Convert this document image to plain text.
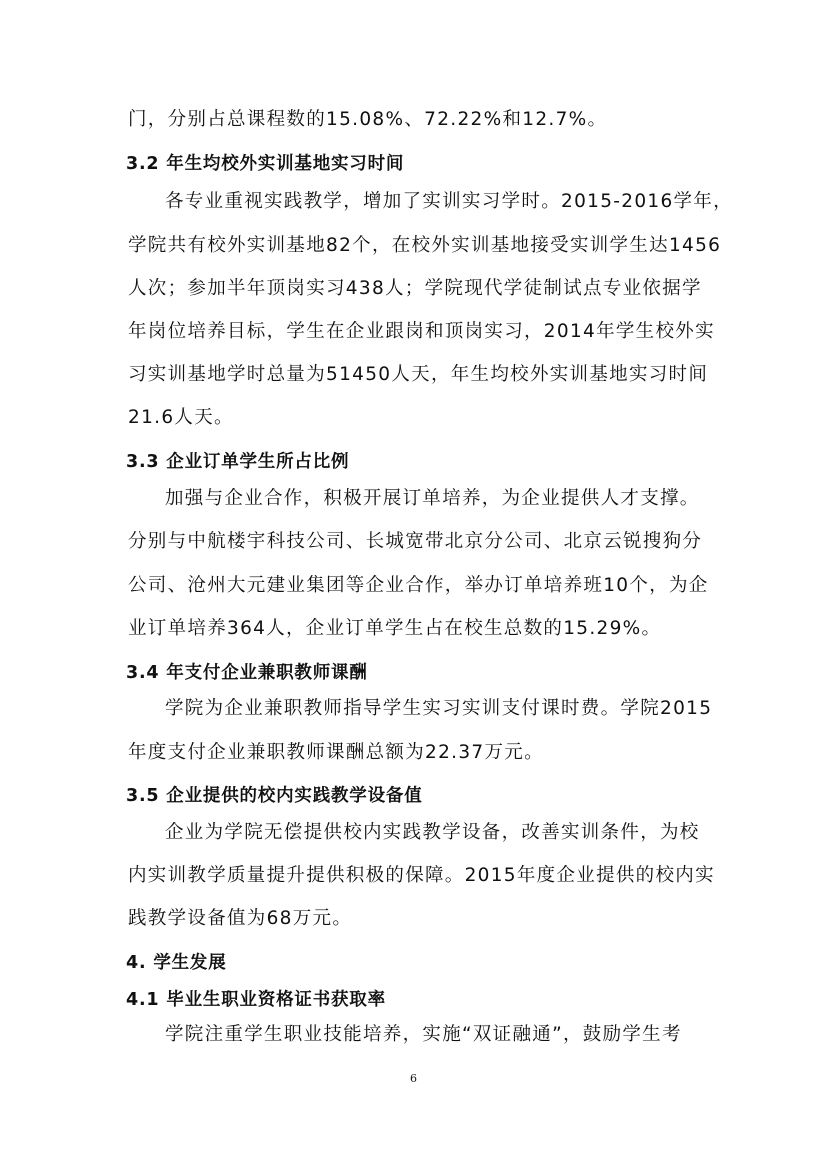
门，分别占总课程数的15.08%、72.22%和12.7%。
3.2 年生均校外实训基地实习时间
各专业重视实践教学，增加了实训实习学时。2015-2016学年，
学院共有校外实训基地82个，在校外实训基地接受实训学生达1456
人次；参加半年顶岗实习438人；学院现代学徒制试点专业依据学
年岗位培养目标，学生在企业跟岗和顶岗实习，2014年学生校外实
习实训基地学时总量为51450人天，年生均校外实训基地实习时间
21.6人天。
3.3 企业订单学生所占比例
加强与企业合作，积极开展订单培养，为企业提供人才支撑。
分别与中航楼宇科技公司、长城宽带北京分公司、北京云锐搜狗分
公司、沧州大元建业集团等企业合作，举办订单培养班10个，为企
业订单培养364人，企业订单学生占在校生总数的15.29%。
3.4 年支付企业兼职教师课酬
学院为企业兼职教师指导学生实习实训支付课时费。学院2015
年度支付企业兼职教师课酬总额为22.37万元。
3.5 企业提供的校内实践教学设备值
企业为学院无偿提供校内实践教学设备，改善实训条件，为校
内实训教学质量提升提供积极的保障。2015年度企业提供的校内实
践教学设备值为68万元。
4. 学生发展
4.1 毕业生职业资格证书获取率
学院注重学生职业技能培养，实施“双证融通”，鼓励学生考
6
